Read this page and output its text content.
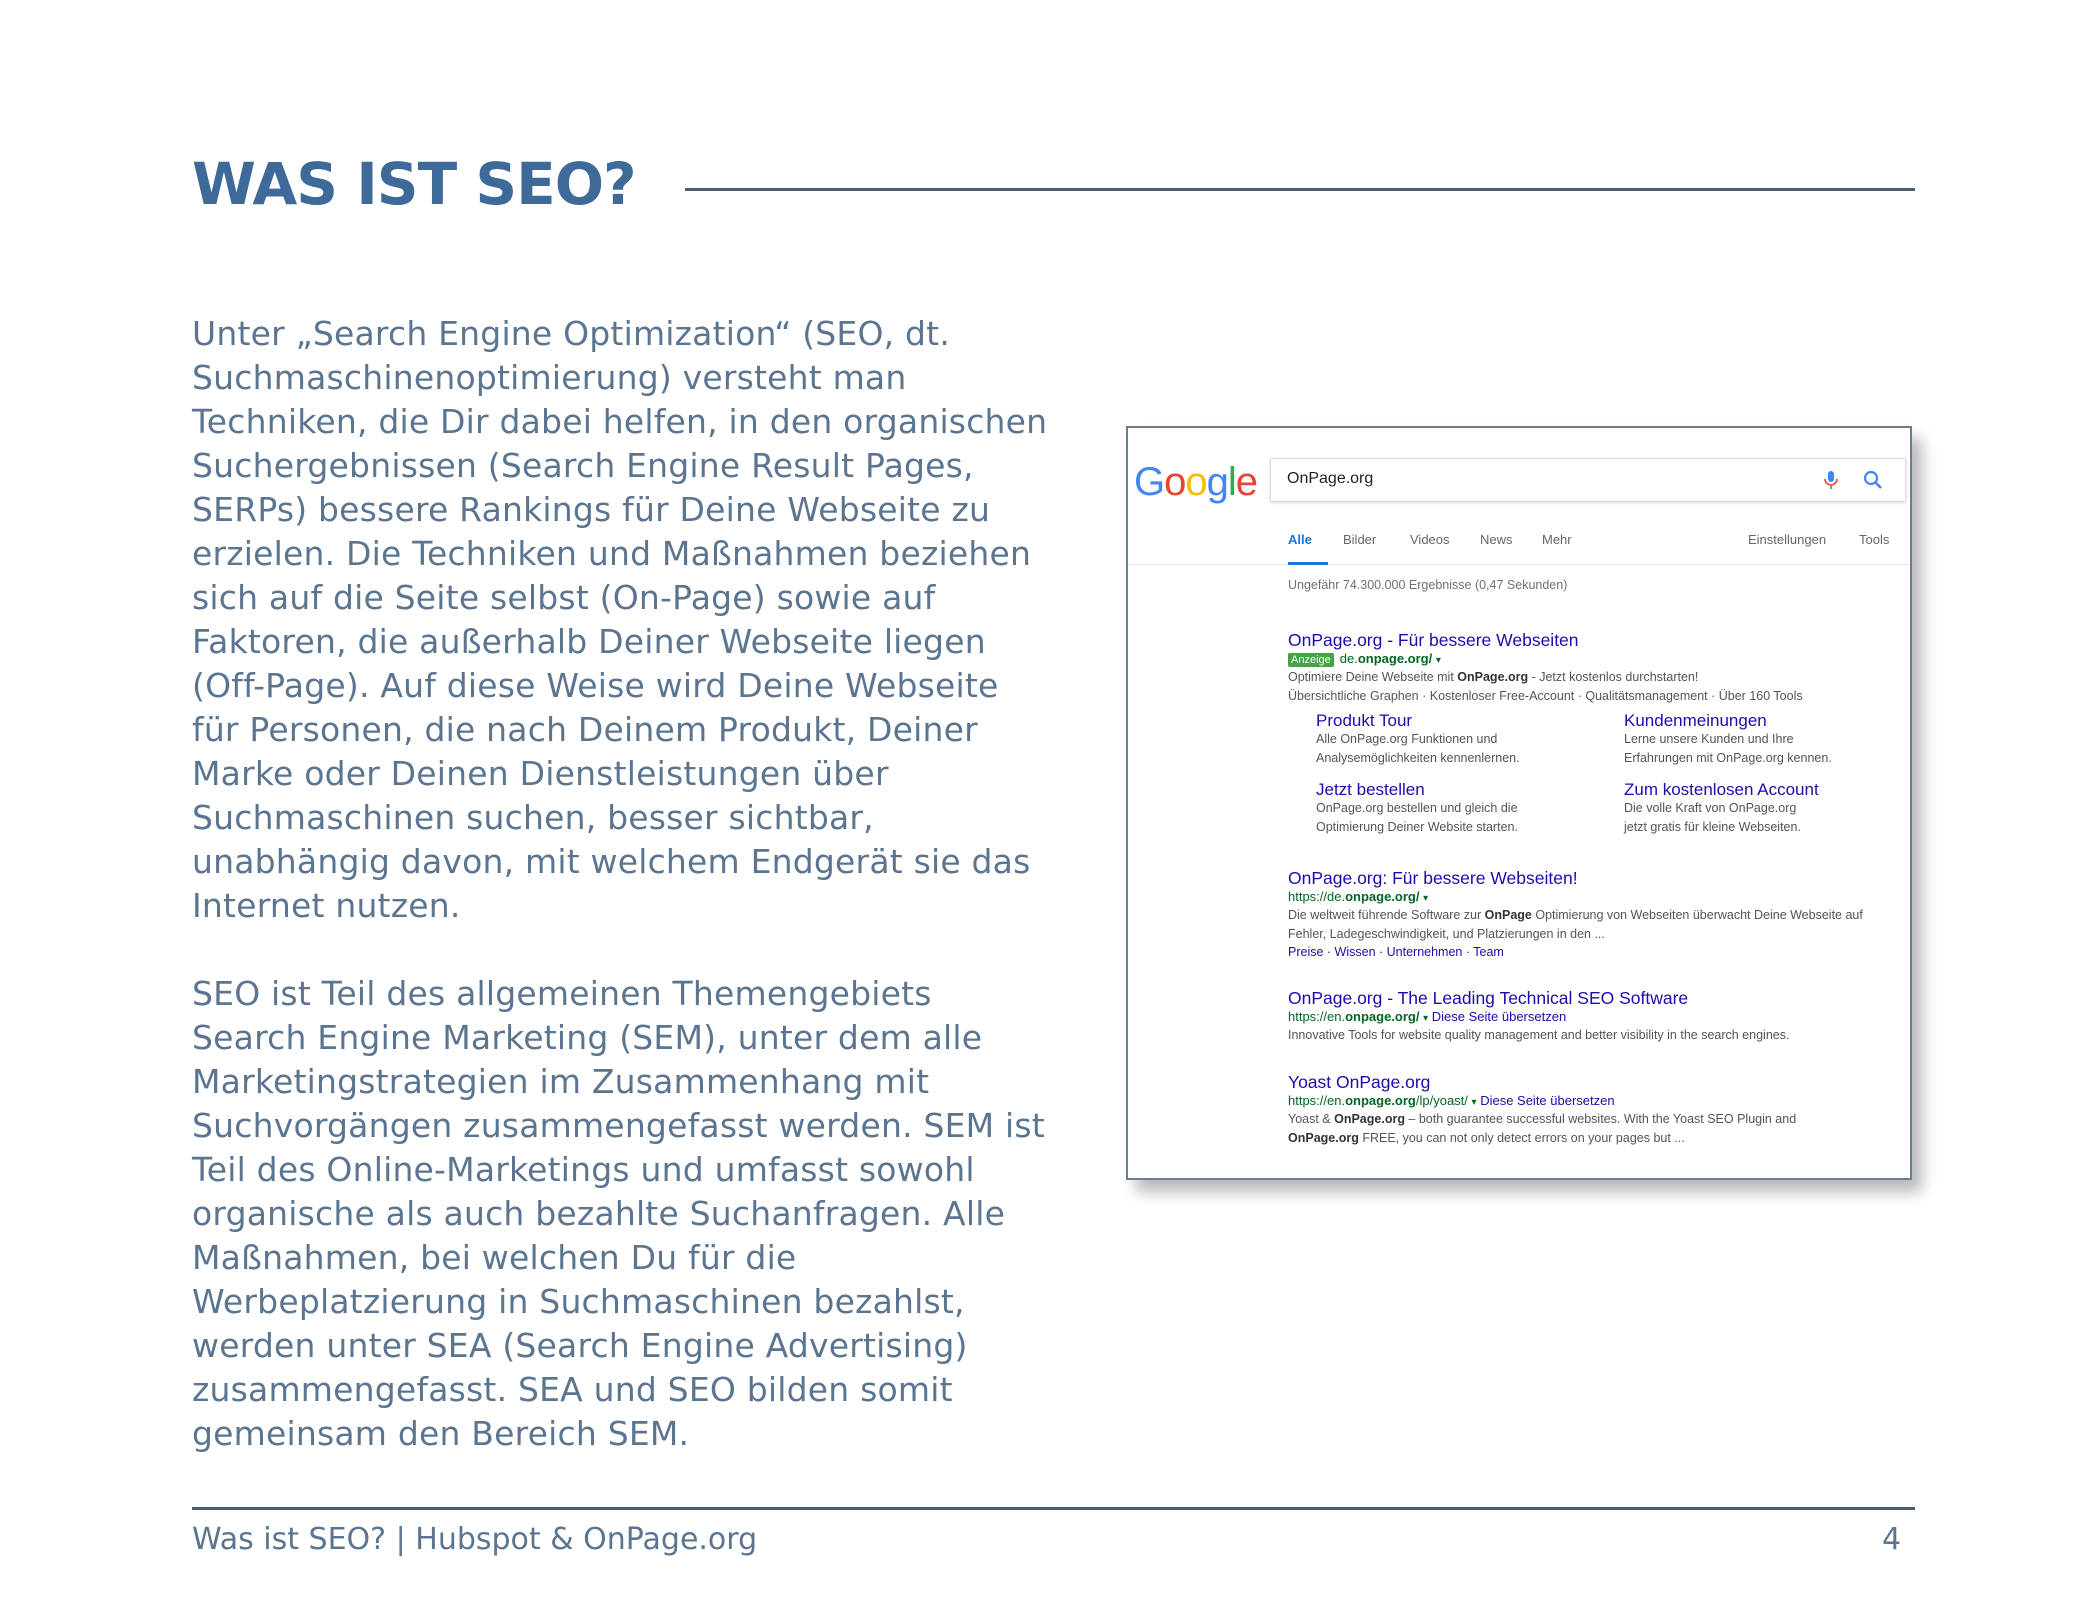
WAS IST SEO?

Unter „Search Engine Optimization“ (SEO, dt. Suchmaschinenoptimierung) versteht man Techniken, die Dir dabei helfen, in den organischen Suchergebnissen (Search Engine Result Pages, SERPs) bessere Rankings für Deine Webseite zu erzielen. Die Techniken und Maßnahmen beziehen sich auf die Seite selbst (On-Page) sowie auf Faktoren, die außerhalb Deiner Webseite liegen (Off-Page). Auf diese Weise wird Deine Webseite für Personen, die nach Deinem Produkt, Deiner Marke oder Deinen Dienstleistungen über Suchmaschinen suchen, besser sichtbar, unabhängig davon, mit welchem Endgerät sie das Internet nutzen.

SEO ist Teil des allgemeinen Themengebiets Search Engine Marketing (SEM), unter dem alle Marketingstrategien im Zusammenhang mit Suchvorgängen zusammengefasst werden. SEM ist Teil des Online-Marketings und umfasst sowohl organische als auch bezahlte Suchanfragen. Alle Maßnahmen, bei welchen Du für die Werbeplatzierung in Suchmaschinen bezahlst, werden unter SEA (Search Engine Advertising) zusammengefasst. SEA und SEO bilden somit gemeinsam den Bereich SEM.

Google OnPage.org
Alle Bilder	Videos News Mehr	Einstellungen	Tools
Ungefähr 74.300.000 Ergebnisse (0,47 Sekunden)
OnPage.org - Für bessere Webseiten
Anzeige de.onpage.org/ ▾
Optimiere Deine Webseite mit OnPage.org - Jetzt kostenlos durchstarten!
Übersichtliche Graphen · Kostenloser Free-Account · Qualitätsmanagement · Über 160 Tools
Produkt Tour
Alle OnPage.org Funktionen und
Analysemöglichkeiten kennenlernen.
Kundenmeinungen
Lerne unsere Kunden und Ihre
Erfahrungen mit OnPage.org kennen.
Jetzt bestellen
OnPage.org bestellen und gleich die
Optimierung Deiner Website starten.
Zum kostenlosen Account
Die volle Kraft von OnPage.org
jetzt gratis für kleine Webseiten.
OnPage.org: Für bessere Webseiten!
https://de.onpage.org/ ▾
Die weltweit führende Software zur OnPage Optimierung von Webseiten überwacht Deine Webseite auf
Fehler, Ladegeschwindigkeit, und Platzierungen in den ...
Preise · Wissen · Unternehmen · Team
OnPage.org - The Leading Technical SEO Software
https://en.onpage.org/ ▾ Diese Seite übersetzen
Innovative Tools for website quality management and better visibility in the search engines.
Yoast OnPage.org
https://en.onpage.org/lp/yoast/ ▾ Diese Seite übersetzen
Yoast & OnPage.org – both guarantee successful websites. With the Yoast SEO Plugin and
OnPage.org FREE, you can not only detect errors on your pages but ...
Was ist SEO? | Hubspot & OnPage.org	4
